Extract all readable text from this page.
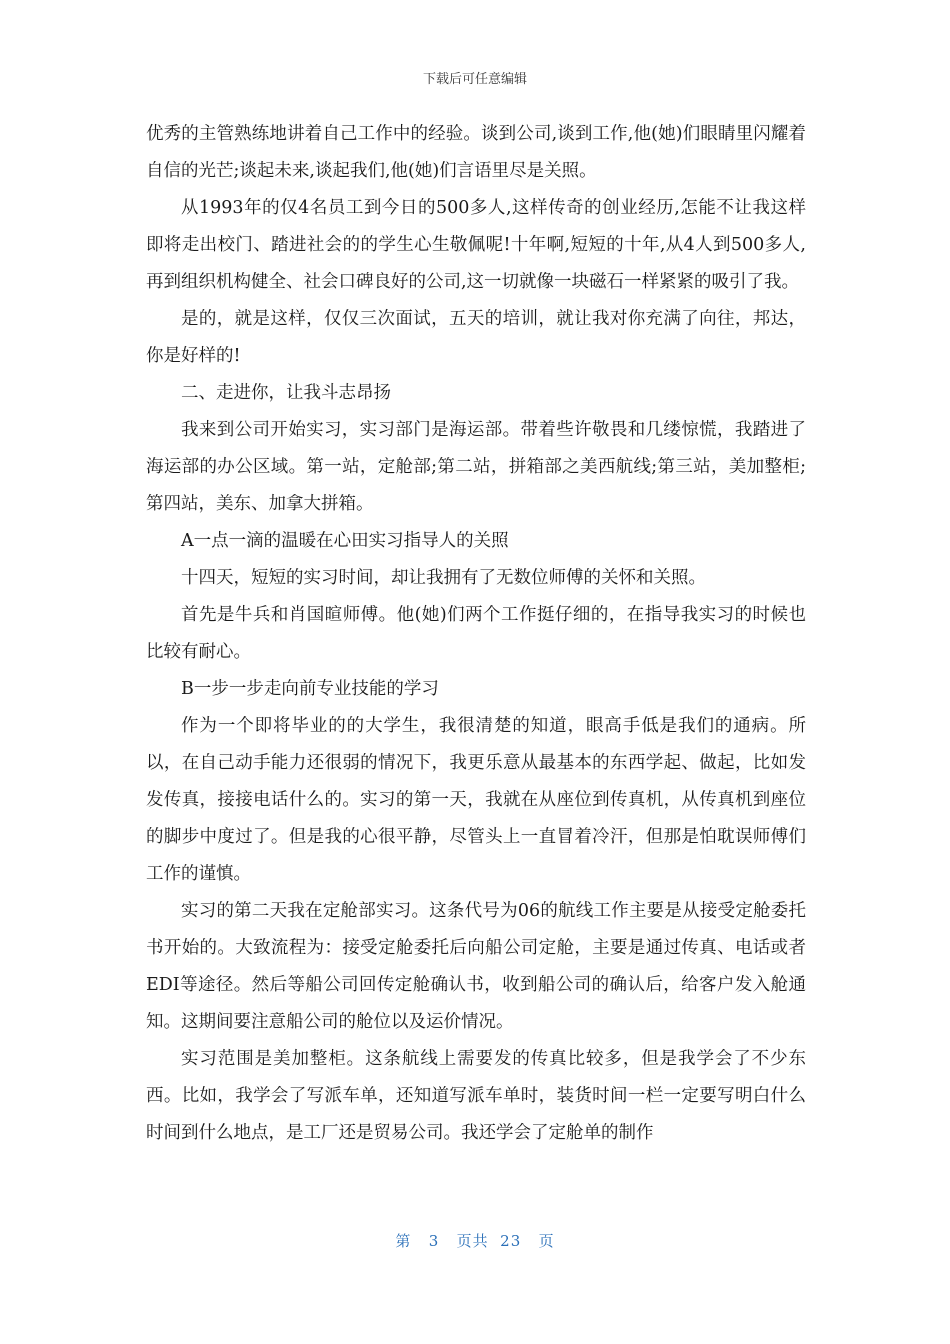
下载后可任意编辑

优秀的主管熟练地讲着自己工作中的经验。谈到公司,谈到工作,他(她)们眼睛里闪耀着自信的光芒;谈起未来,谈起我们,他(她)们言语里尽是关照。

从1993年的仅4名员工到今日的500多人,这样传奇的创业经历,怎能不让我这样即将走出校门、踏进社会的的学生心生敬佩呢!十年啊,短短的十年,从4人到500多人,再到组织机构健全、社会口碑良好的公司,这一切就像一块磁石一样紧紧的吸引了我。

是的，就是这样，仅仅三次面试，五天的培训，就让我对你充满了向往，邦达，你是好样的!

二、走进你，让我斗志昂扬

我来到公司开始实习，实习部门是海运部。带着些许敬畏和几缕惊慌，我踏进了海运部的办公区域。第一站，定舱部;第二站，拼箱部之美西航线;第三站，美加整柜;第四站，美东、加拿大拼箱。

A一点一滴的温暖在心田实习指导人的关照

十四天，短短的实习时间，却让我拥有了无数位师傅的关怀和关照。

首先是牛兵和肖国暄师傅。他(她)们两个工作挺仔细的，在指导我实习的时候也比较有耐心。

B一步一步走向前专业技能的学习

作为一个即将毕业的的大学生，我很清楚的知道，眼高手低是我们的通病。所以，在自己动手能力还很弱的情况下，我更乐意从最基本的东西学起、做起，比如发发传真，接接电话什么的。实习的第一天，我就在从座位到传真机，从传真机到座位的脚步中度过了。但是我的心很平静，尽管头上一直冒着冷汗，但那是怕耽误师傅们工作的谨慎。

实习的第二天我在定舱部实习。这条代号为06的航线工作主要是从接受定舱委托书开始的。大致流程为：接受定舱委托后向船公司定舱，主要是通过传真、电话或者EDI等途径。然后等船公司回传定舱确认书，收到船公司的确认后，给客户发入舱通知。这期间要注意船公司的舱位以及运价情况。

实习范围是美加整柜。这条航线上需要发的传真比较多，但是我学会了不少东西。比如，我学会了写派车单，还知道写派车单时，装货时间一栏一定要写明白什么时间到什么地点，是工厂还是贸易公司。我还学会了定舱单的制作

第 3 页共 23 页
